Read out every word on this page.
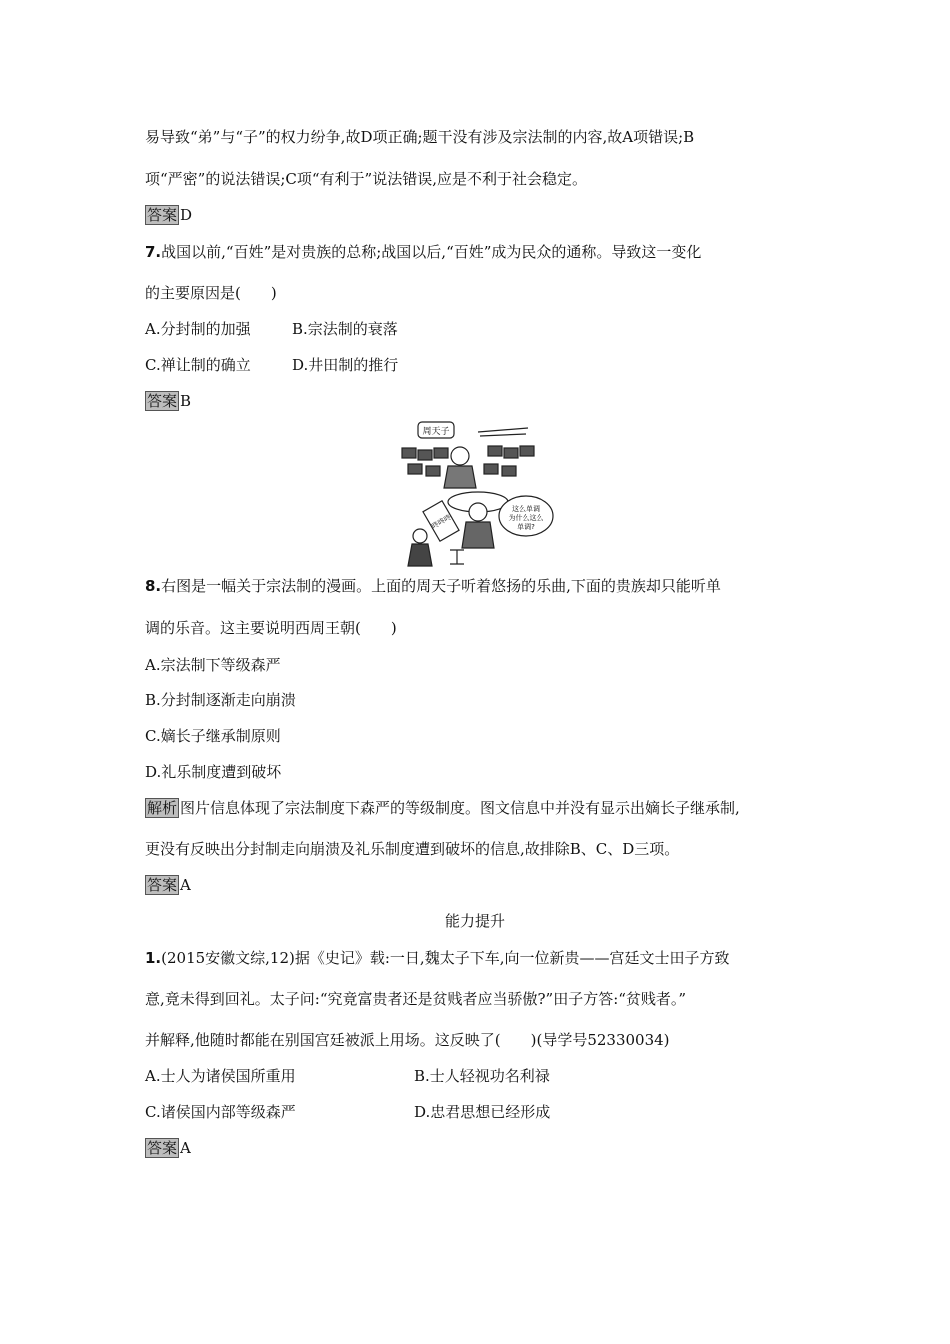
易导致“弟”与“子”的权力纷争,故D项正确;题干没有涉及宗法制的内容,故A项错误;B
项“严密”的说法错误;C项“有利于”说法错误,应是不利于社会稳定。
答案 D
7.战国以前,“百姓”是对贵族的总称;战国以后,“百姓”成为民众的通称。导致这一变化
的主要原因是(　　)
A.分封制的加强	B.宗法制的衰落
C.禅让制的确立	D.井田制的推行
答案 B
周天子
这么单调
为什么这么
单调?
咚咚咚
8.右图是一幅关于宗法制的漫画。上面的周天子听着悠扬的乐曲,下面的贵族却只能听单
调的乐音。这主要说明西周王朝(　　)
A.宗法制下等级森严
B.分封制逐渐走向崩溃
C.嫡长子继承制原则
D.礼乐制度遭到破坏
解析 图片信息体现了宗法制度下森严的等级制度。图文信息中并没有显示出嫡长子继承制,
更没有反映出分封制走向崩溃及礼乐制度遭到破坏的信息,故排除B、C、D三项。
答案 A
能力提升
1.(2015安徽文综,12)据《史记》载:一日,魏太子下车,向一位新贵——宫廷文士田子方致
意,竟未得到回礼。太子问:“究竟富贵者还是贫贱者应当骄傲?”田子方答:“贫贱者。”
并解释,他随时都能在别国宫廷被派上用场。这反映了(　　)(导学号52330034)
A.士人为诸侯国所重用	B.士人轻视功名利禄
C.诸侯国内部等级森严	D.忠君思想已经形成
答案 A
